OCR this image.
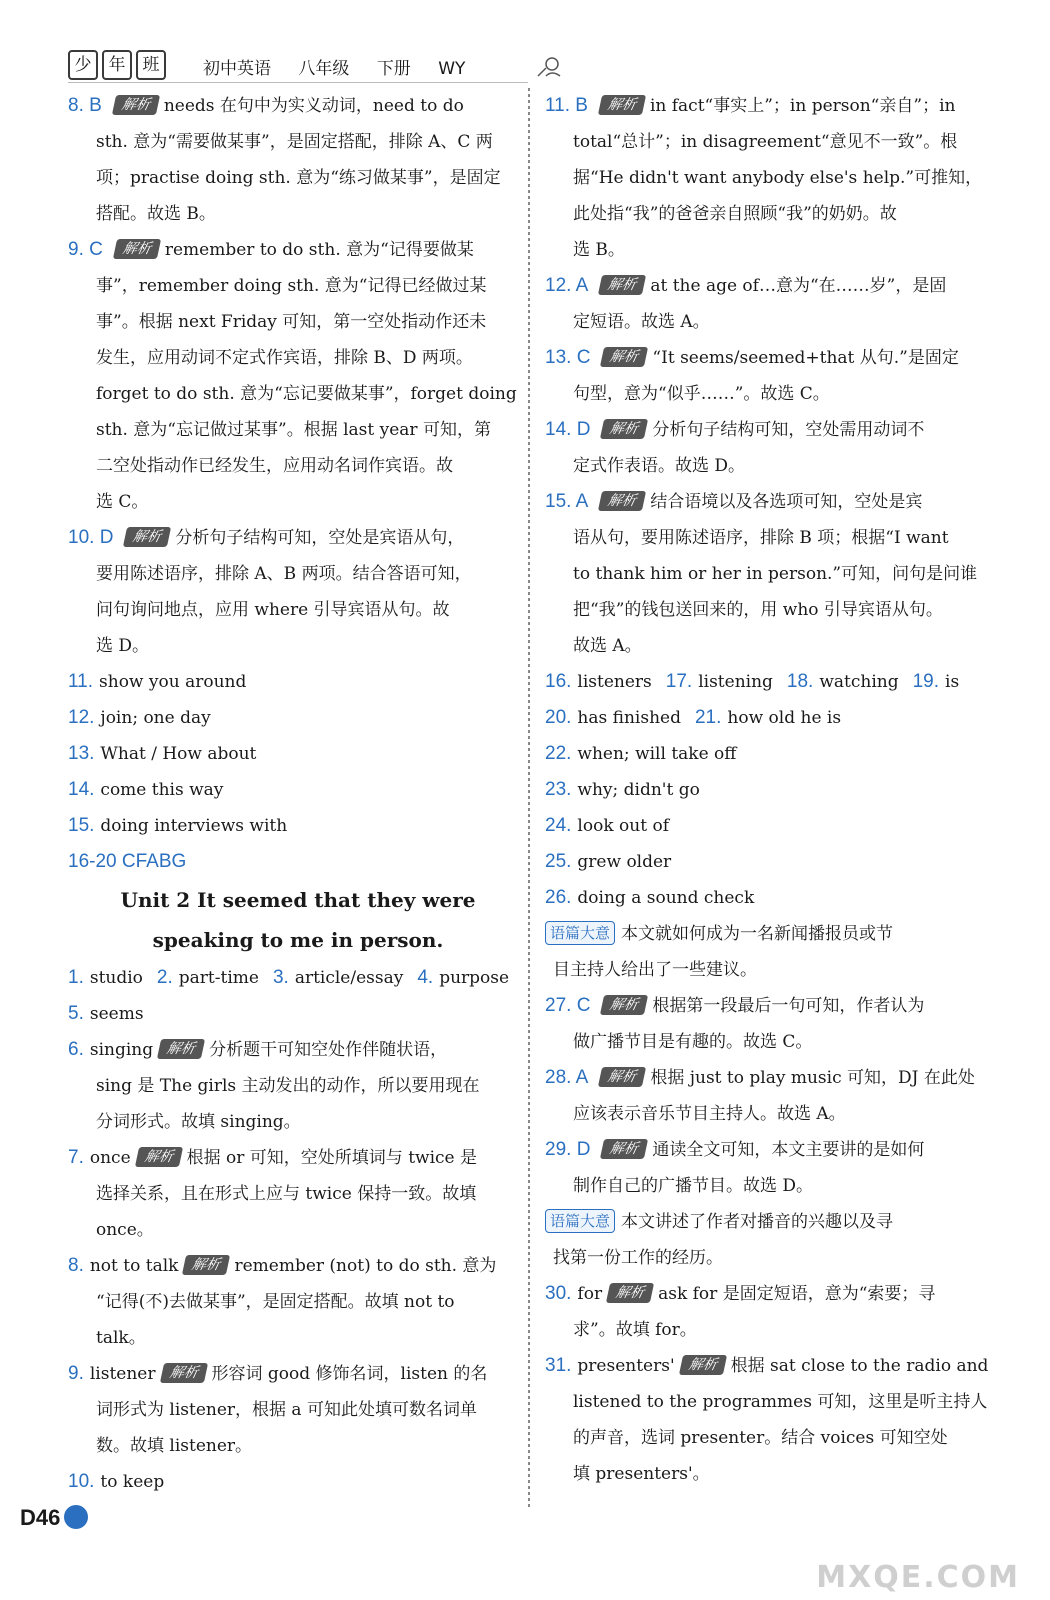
少	年	班	初中英语 八年级 下册 WY
8. B 解析 needs 在句中为实义动词，need to do
sth. 意为“需要做某事”，是固定搭配，排除 A、C 两
项；practise doing sth. 意为“练习做某事”，是固定
搭配。故选 B。
9. C 解析 remember to do sth. 意为“记得要做某
事”，remember doing sth. 意为“记得已经做过某
事”。根据 next Friday 可知，第一空处指动作还未
发生，应用动词不定式作宾语，排除 B、D 两项。
forget to do sth. 意为“忘记要做某事”，forget doing
sth. 意为“忘记做过某事”。根据 last year 可知，第
二空处指动作已经发生，应用动名词作宾语。故
选 C。
10. D 解析 分析句子结构可知，空处是宾语从句，
要用陈述语序，排除 A、B 两项。结合答语可知，
问句询问地点，应用 where 引导宾语从句。故
选 D。
11. show you around
12. join; one day
13. What / How about
14. come this way
15. doing interviews with
16-20 CFABG
Unit 2 It seemed that they were
speaking to me in person.
1. studio 2. part-time 3. article/essay 4. purpose
5. seems
6. singing 解析 分析题干可知空处作伴随状语，
sing 是 The girls 主动发出的动作，所以要用现在
分词形式。故填 singing。
7. once 解析 根据 or 可知，空处所填词与 twice 是
选择关系，且在形式上应与 twice 保持一致。故填
once。
8. not to talk 解析 remember (not) to do sth. 意为
“记得(不)去做某事”，是固定搭配。故填 not to
talk。
9. listener 解析 形容词 good 修饰名词，listen 的名
词形式为 listener，根据 a 可知此处填可数名词单
数。故填 listener。
10. to keep
11. B 解析 in fact“事实上”；in person“亲自”；in
total“总计”；in disagreement“意见不一致”。根
据“He didn't want anybody else's help.”可推知，
此处指“我”的爸爸亲自照顾“我”的奶奶。故
选 B。
12. A 解析 at the age of…意为“在……岁”，是固
定短语。故选 A。
13. C 解析 “It seems/seemed+that 从句.”是固定
句型，意为“似乎……”。故选 C。
14. D 解析 分析句子结构可知，空处需用动词不
定式作表语。故选 D。
15. A 解析 结合语境以及各选项可知，空处是宾
语从句，要用陈述语序，排除 B 项；根据“I want
to thank him or her in person.”可知，问句是问谁
把“我”的钱包送回来的，用 who 引导宾语从句。
故选 A。
16. listeners 17. listening 18. watching 19. is
20. has finished 21. how old he is
22. when; will take off
23. why; didn't go
24. look out of
25. grew older
26. doing a sound check
语篇大意 本文就如何成为一名新闻播报员或节
目主持人给出了一些建议。
27. C 解析 根据第一段最后一句可知，作者认为
做广播节目是有趣的。故选 C。
28. A 解析 根据 just to play music 可知，DJ 在此处
应该表示音乐节目主持人。故选 A。
29. D 解析 通读全文可知，本文主要讲的是如何
制作自己的广播节目。故选 D。
语篇大意 本文讲述了作者对播音的兴趣以及寻
找第一份工作的经历。
30. for 解析 ask for 是固定短语，意为“索要；寻
求”。故填 for。
31. presenters' 解析 根据 sat close to the radio and
listened to the programmes 可知，这里是听主持人
的声音，选词 presenter。结合 voices 可知空处
填 presenters'。
D46
MXQE.COM
